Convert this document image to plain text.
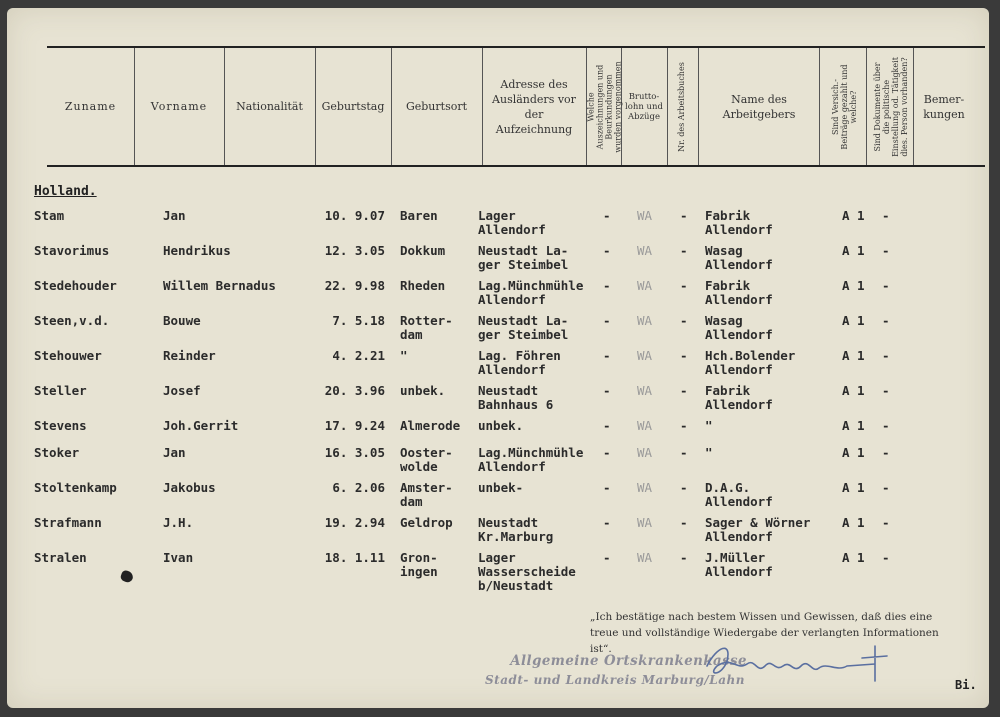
Zuname	Vorname	Nationalität	Geburtstag	Geburtsort
Adresse des Ausländers vor der Aufzeichnung
Welche Auszeichnungen und Beurkundungen wurden vorgenommen Brutto-lohn und Abzüge	Nr. des Arbeitsbuches	Name des Arbeitgebers	Sind Versich.-Beiträge gezahlt und welche? Sind Dokumente über die politische Einstellung od. Tätigkeit dies. Person vorhanden?	Bemer-kungen
Holland.
Stam	Jan	10. 9.07 Baren	Lager
Allendorf
- WA - Fabrik
Allendorf
A 1 -
Stavorimus	Hendrikus	12. 3.05 Dokkum	Neustadt La-
ger Steimbel
- WA - Wasag
Allendorf
A 1 -
Stedehouder	Willem Bernadus	22. 9.98 Rheden	Lag.Münchmühle
Allendorf
- WA - Fabrik
Allendorf
A 1 -
Steen,v.d.	Bouwe	7. 5.18 Rotter-
dam
Neustadt La-
ger Steimbel
- WA - Wasag
Allendorf
A 1 -
Stehouwer	Reinder	4. 2.21 "	Lag. Föhren
Allendorf
- WA - Hch.Bolender
Allendorf
A 1 -
Steller	Josef	20. 3.96 unbek.	Neustadt
Bahnhaus 6
- WA - Fabrik
Allendorf
A 1 -
Stevens	Joh.Gerrit	17. 9.24 Almerode unbek.	- WA - "	A 1 -
Stoker	Jan	16. 3.05 Ooster-
wolde
Lag.Münchmühle
Allendorf
- WA - "	A 1 -
Stoltenkamp	Jakobus	6. 2.06 Amster-
dam
unbek-	- WA - D.A.G.
Allendorf
A 1 -
Strafmann	J.H.	19. 2.94 Geldrop Neustadt
Kr.Marburg
- WA - Sager & Wörner
Allendorf
A 1 -
Stralen	Ivan	18. 1.11 Gron-
ingen
Lager
Wasserscheide
b/Neustadt
- WA - J.Müller
Allendorf
A 1 -
„Ich bestätige nach bestem Wissen und Gewissen, daß dies eine treue und vollständige Wiedergabe der verlangten Informationen ist“.
Allgemeine Ortskrankenkasse
Stadt- und Landkreis Marburg/Lahn	Bi.
